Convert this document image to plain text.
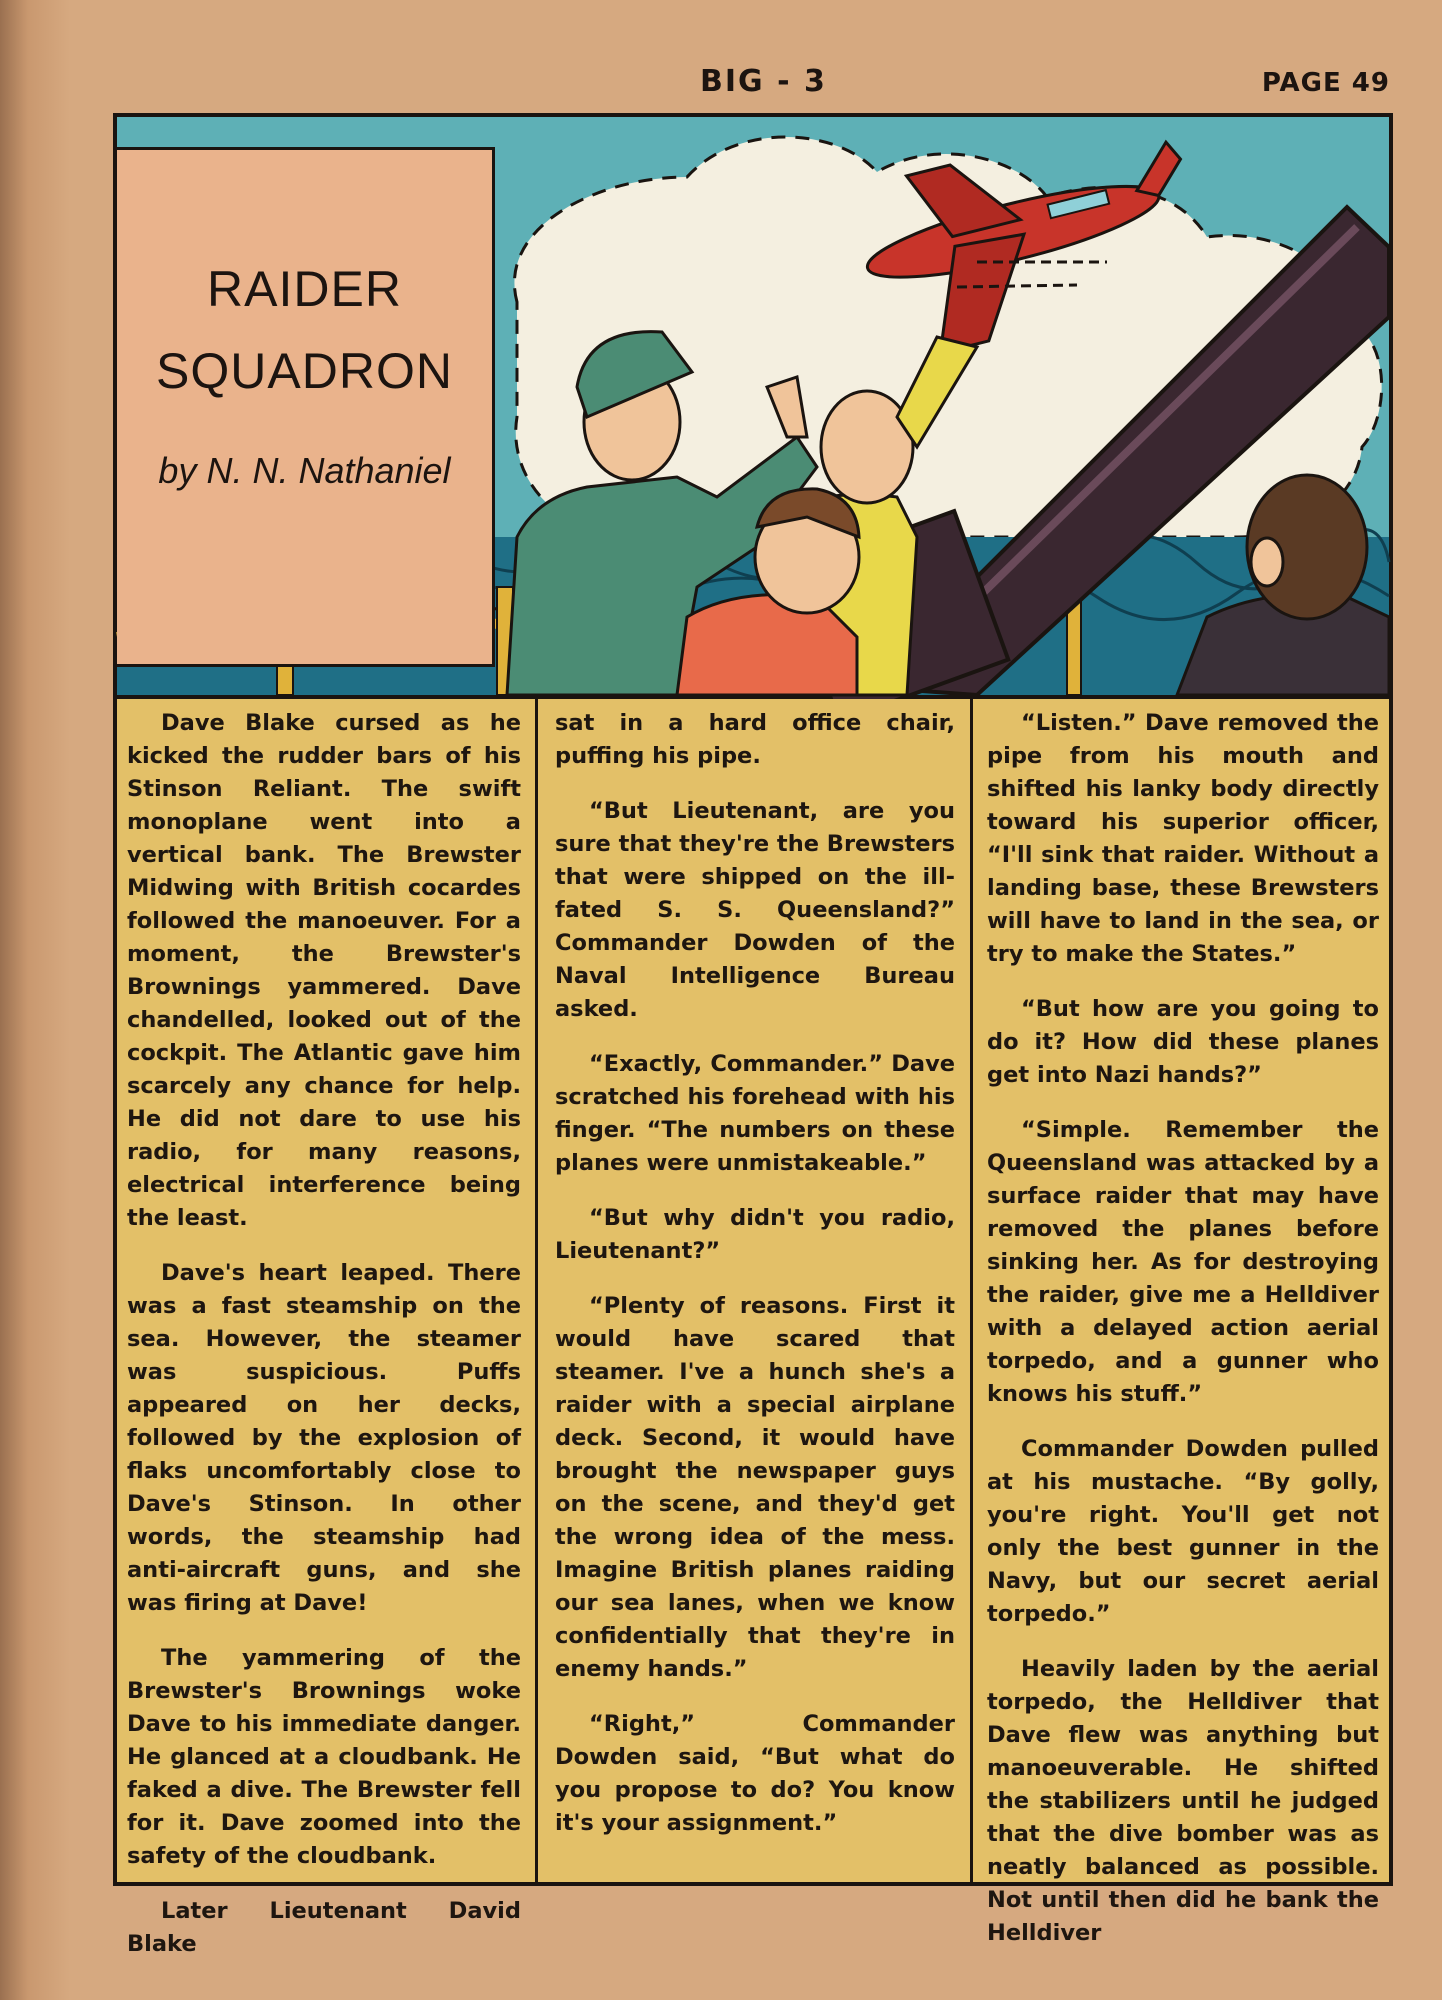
BIG - 3	PAGE 49
RAIDER
SQUADRON
by N. N. Nathaniel

Dave Blake cursed as he kicked the rudder bars of his Stinson Reliant. The swift monoplane went into a vertical bank. The Brewster Midwing with British cocardes followed the manoeuver. For a moment, the Brewster's Brownings yammered. Dave chandelled, looked out of the cockpit. The Atlantic gave him scarcely any chance for help. He did not dare to use his radio, for many reasons, electrical interference being the least.

Dave's heart leaped. There was a fast steamship on the sea. However, the steamer was suspicious. Puffs appeared on her decks, followed by the explosion of flaks uncomfortably close to Dave's Stinson. In other words, the steamship had anti-aircraft guns, and she was firing at Dave!

The yammering of the Brewster's Brownings woke Dave to his immediate danger. He glanced at a cloudbank. He faked a dive. The Brewster fell for it. Dave zoomed into the safety of the cloudbank.

Later Lieutenant David Blake

sat in a hard office chair, puffing his pipe.

“But Lieutenant, are you sure that they're the Brewsters that were shipped on the ill-fated S. S. Queensland?” Commander Dowden of the Naval Intelligence Bureau asked.

“Exactly, Commander.” Dave scratched his forehead with his finger. “The numbers on these planes were unmistakeable.”

“But why didn't you radio, Lieutenant?”

“Plenty of reasons. First it would have scared that steamer. I've a hunch she's a raider with a special airplane deck. Second, it would have brought the newspaper guys on the scene, and they'd get the wrong idea of the mess. Imagine British planes raiding our sea lanes, when we know confidentially that they're in enemy hands.”

“Right,” Commander Dowden said, “But what do you propose to do? You know it's your assignment.”

“Listen.” Dave removed the pipe from his mouth and shifted his lanky body directly toward his superior officer, “I'll sink that raider. Without a landing base, these Brewsters will have to land in the sea, or try to make the States.”

“But how are you going to do it? How did these planes get into Nazi hands?”

“Simple. Remember the Queensland was attacked by a surface raider that may have removed the planes before sinking her. As for destroying the raider, give me a Helldiver with a delayed action aerial torpedo, and a gunner who knows his stuff.”

Commander Dowden pulled at his mustache. “By golly, you're right. You'll get not only the best gunner in the Navy, but our secret aerial torpedo.”

Heavily laden by the aerial torpedo, the Helldiver that Dave flew was anything but manoeuverable. He shifted the stabilizers until he judged that the dive bomber was as neatly balanced as possible. Not until then did he bank the Helldiver
